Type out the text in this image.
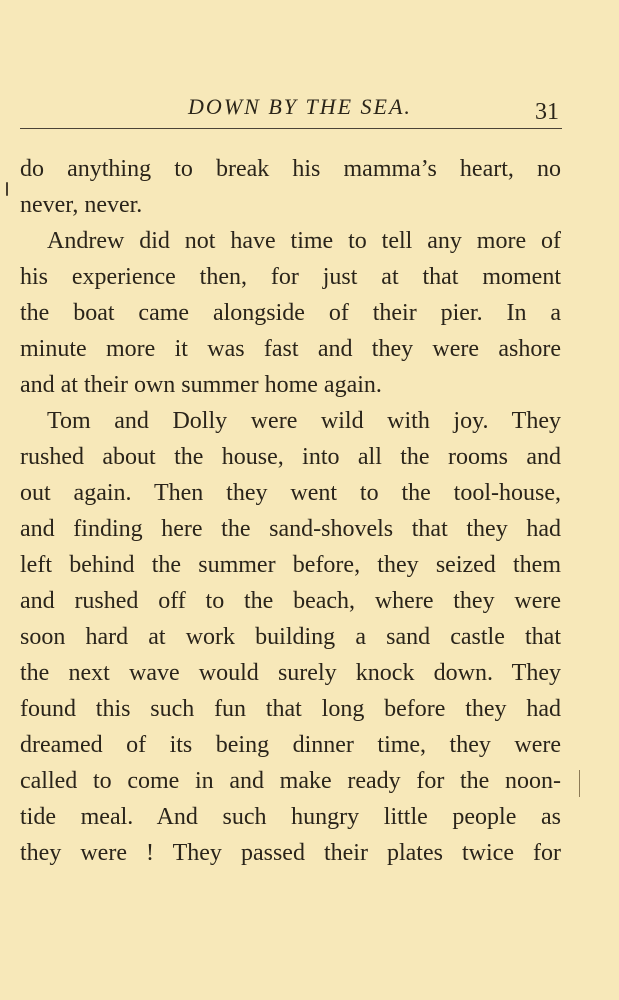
DOWN BY THE SEA.	31
do anything to break his mamma’s heart, no
never, never.
Andrew did not have time to tell any more of
his experience then, for just at that moment
the boat came alongside of their pier. In a
minute more it was fast and they were ashore
and at their own summer home again.
Tom and Dolly were wild with joy. They
rushed about the house, into all the rooms and
out again. Then they went to the tool-house,
and finding here the sand-shovels that they had
left behind the summer before, they seized them
and rushed off to the beach, where they were
soon hard at work building a sand castle that
the next wave would surely knock down. They
found this such fun that long before they had
dreamed of its being dinner time, they were
called to come in and make ready for the noon-
tide meal. And such hungry little people as
they were ! They passed their plates twice for
